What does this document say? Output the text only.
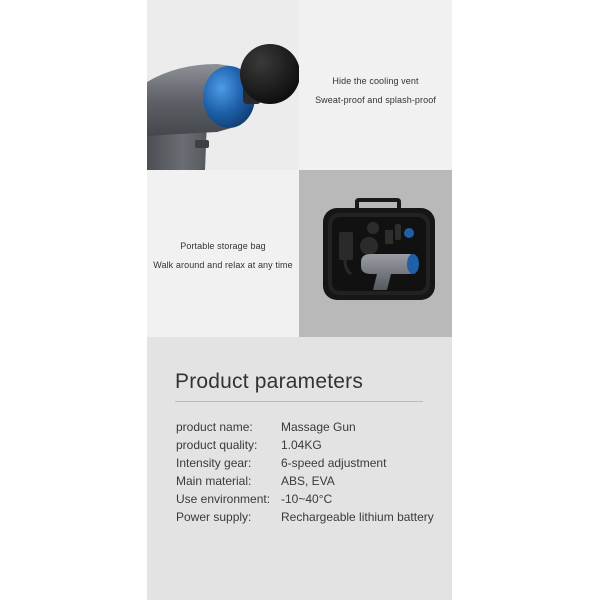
Hide the cooling vent
Sweat-proof and splash-proof
Portable storage bag
Walk around and relax at any time
Product parameters
product name: Massage Gun
product quality: 1.04KG
Intensity gear: 6-speed adjustment
Main material: ABS, EVA
Use environment: -10~40°C
Power supply: Rechargeable lithium battery
